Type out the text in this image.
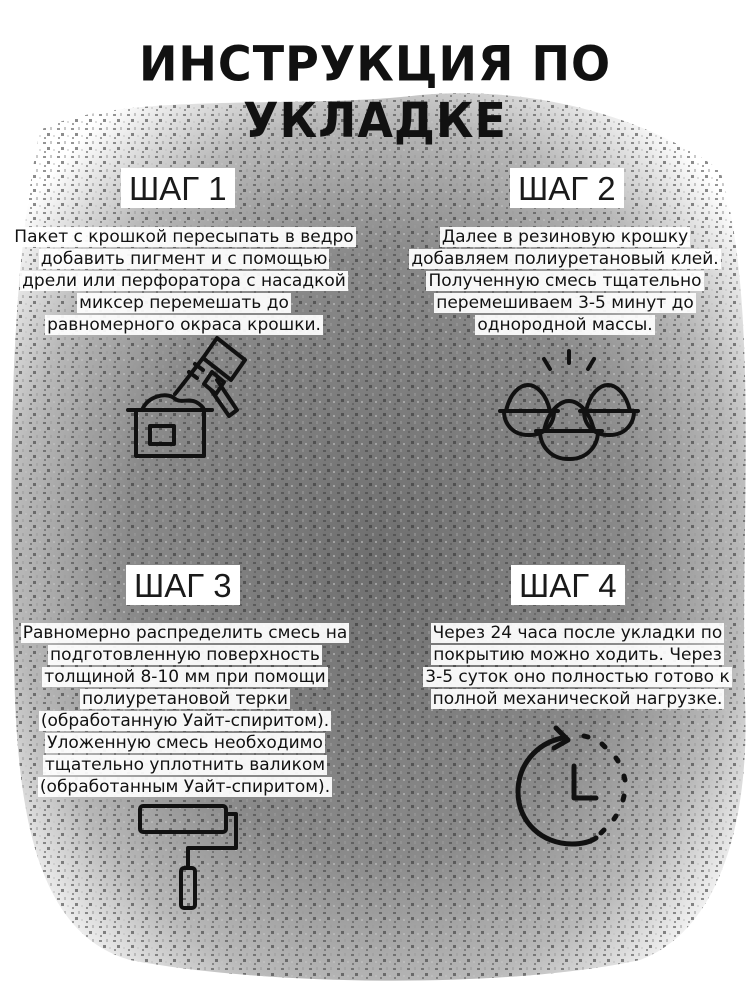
ИНСТРУКЦИЯ ПО УКЛАДКЕ
ШАГ 1
Пакет с крошкой пересыпать в ведро
добавить пигмент и с помощью
дрели или перфоратора с насадкой
миксер перемешать до
равномерного окраса крошки.
ШАГ 2
Далее в резиновую крошку
добавляем полиуретановый клей.
Полученную смесь тщательно
перемешиваем 3-5 минут до
однородной массы.
ШАГ 3
Равномерно распределить смесь на
подготовленную поверхность
толщиной 8-10 мм при помощи
полиуретановой терки
(обработанную Уайт-спиритом).
Уложенную смесь необходимо
тщательно уплотнить валиком
(обработанным Уайт-спиритом).
ШАГ 4
Через 24 часа после укладки по
покрытию можно ходить. Через
3-5 суток оно полностью готово к
полной механической нагрузке.
